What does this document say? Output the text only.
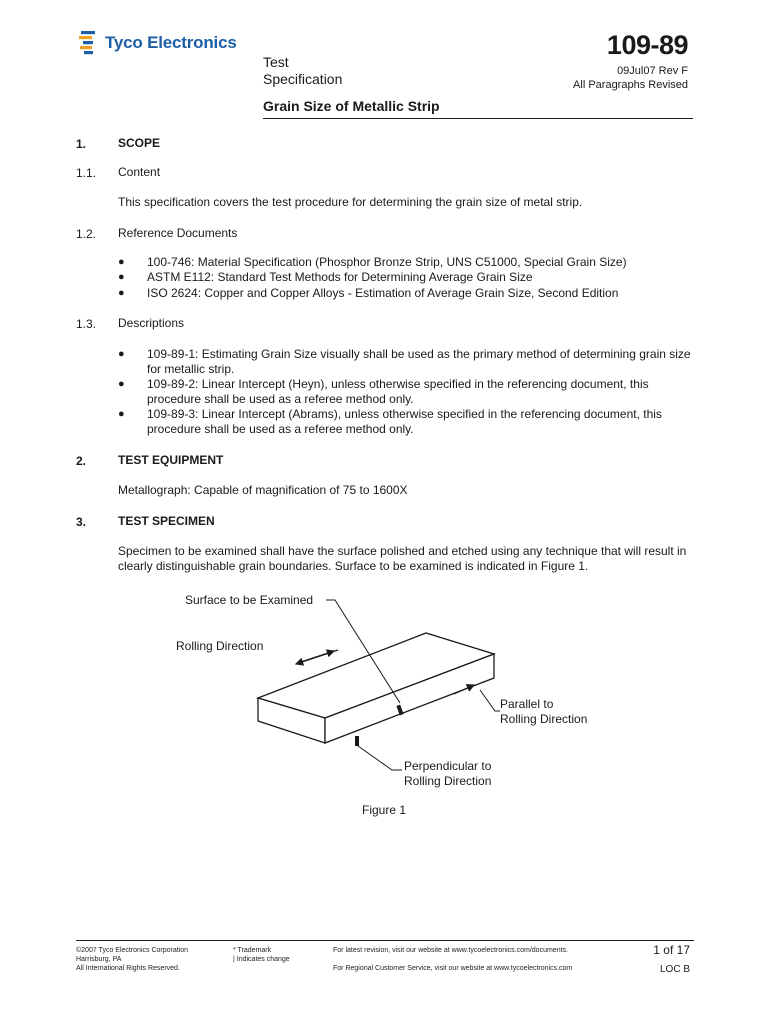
Tyco Electronics
Test
Specification
109-89
09Jul07 Rev F
All Paragraphs Revised
Grain Size of Metallic Strip
1.	SCOPE
1.1. Content
This specification covers the test procedure for determining the grain size of metal strip.
1.2. Reference Documents
● 100-746: Material Specification (Phosphor Bronze Strip, UNS C51000, Special Grain Size)
● ASTM E112: Standard Test Methods for Determining Average Grain Size
● ISO 2624: Copper and Copper Alloys - Estimation of Average Grain Size, Second Edition
1.3. Descriptions
● 109-89-1: Estimating Grain Size visually shall be used as the primary method of determining grain size for metallic strip.
● 109-89-2: Linear Intercept (Heyn), unless otherwise specified in the referencing document, this procedure shall be used as a referee method only.
● 109-89-3: Linear Intercept (Abrams), unless otherwise specified in the referencing document, this procedure shall be used as a referee method only.
2.	TEST EQUIPMENT
Metallograph: Capable of magnification of 75 to 1600X
3.	TEST SPECIMEN
Specimen to be examined shall have the surface polished and etched using any technique that will result in clearly distinguishable grain boundaries. Surface to be examined is indicated in Figure 1.
Surface to be Examined
Rolling Direction
Parallel to
Rolling Direction
Perpendicular to
Rolling Direction
Figure 1
©2007 Tyco Electronics Corporation
Harrisburg, PA
All International Rights Reserved.
* Trademark
| Indicates change
For latest revision, visit our website at www.tycoelectronics.com/documents.
For Regional Customer Service, visit our website at www.tycoelectronics.com
1 of 17
LOC B
